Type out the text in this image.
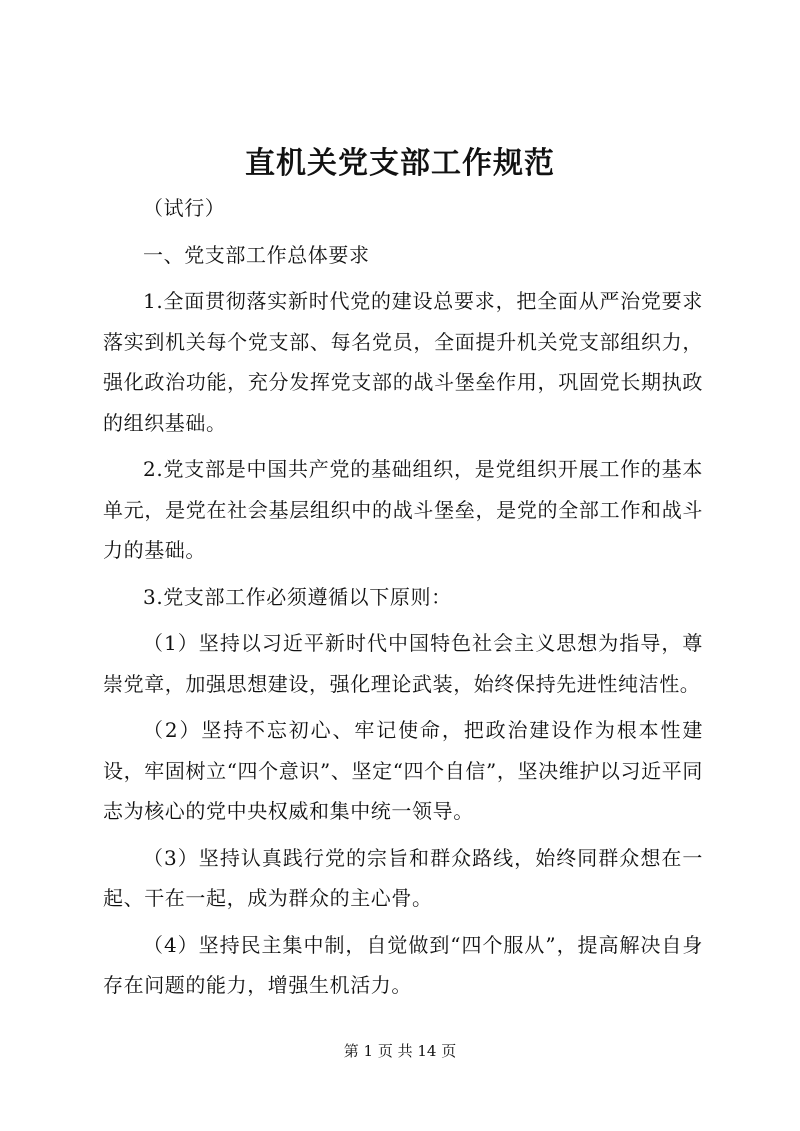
直机关党支部工作规范

（试行）

一、党支部工作总体要求

1.全面贯彻落实新时代党的建设总要求，把全面从严治党要求落实到机关每个党支部、每名党员，全面提升机关党支部组织力，强化政治功能，充分发挥党支部的战斗堡垒作用，巩固党长期执政的组织基础。

2.党支部是中国共产党的基础组织，是党组织开展工作的基本单元，是党在社会基层组织中的战斗堡垒，是党的全部工作和战斗力的基础。

3.党支部工作必须遵循以下原则：

（1）坚持以习近平新时代中国特色社会主义思想为指导，尊崇党章，加强思想建设，强化理论武装，始终保持先进性纯洁性。

（2）坚持不忘初心、牢记使命，把政治建设作为根本性建设，牢固树立“四个意识”、坚定“四个自信”，坚决维护以习近平同志为核心的党中央权威和集中统一领导。

（3）坚持认真践行党的宗旨和群众路线，始终同群众想在一起、干在一起，成为群众的主心骨。

（4）坚持民主集中制，自觉做到“四个服从”，提高解决自身存在问题的能力，增强生机活力。

第 1 页 共 14 页
